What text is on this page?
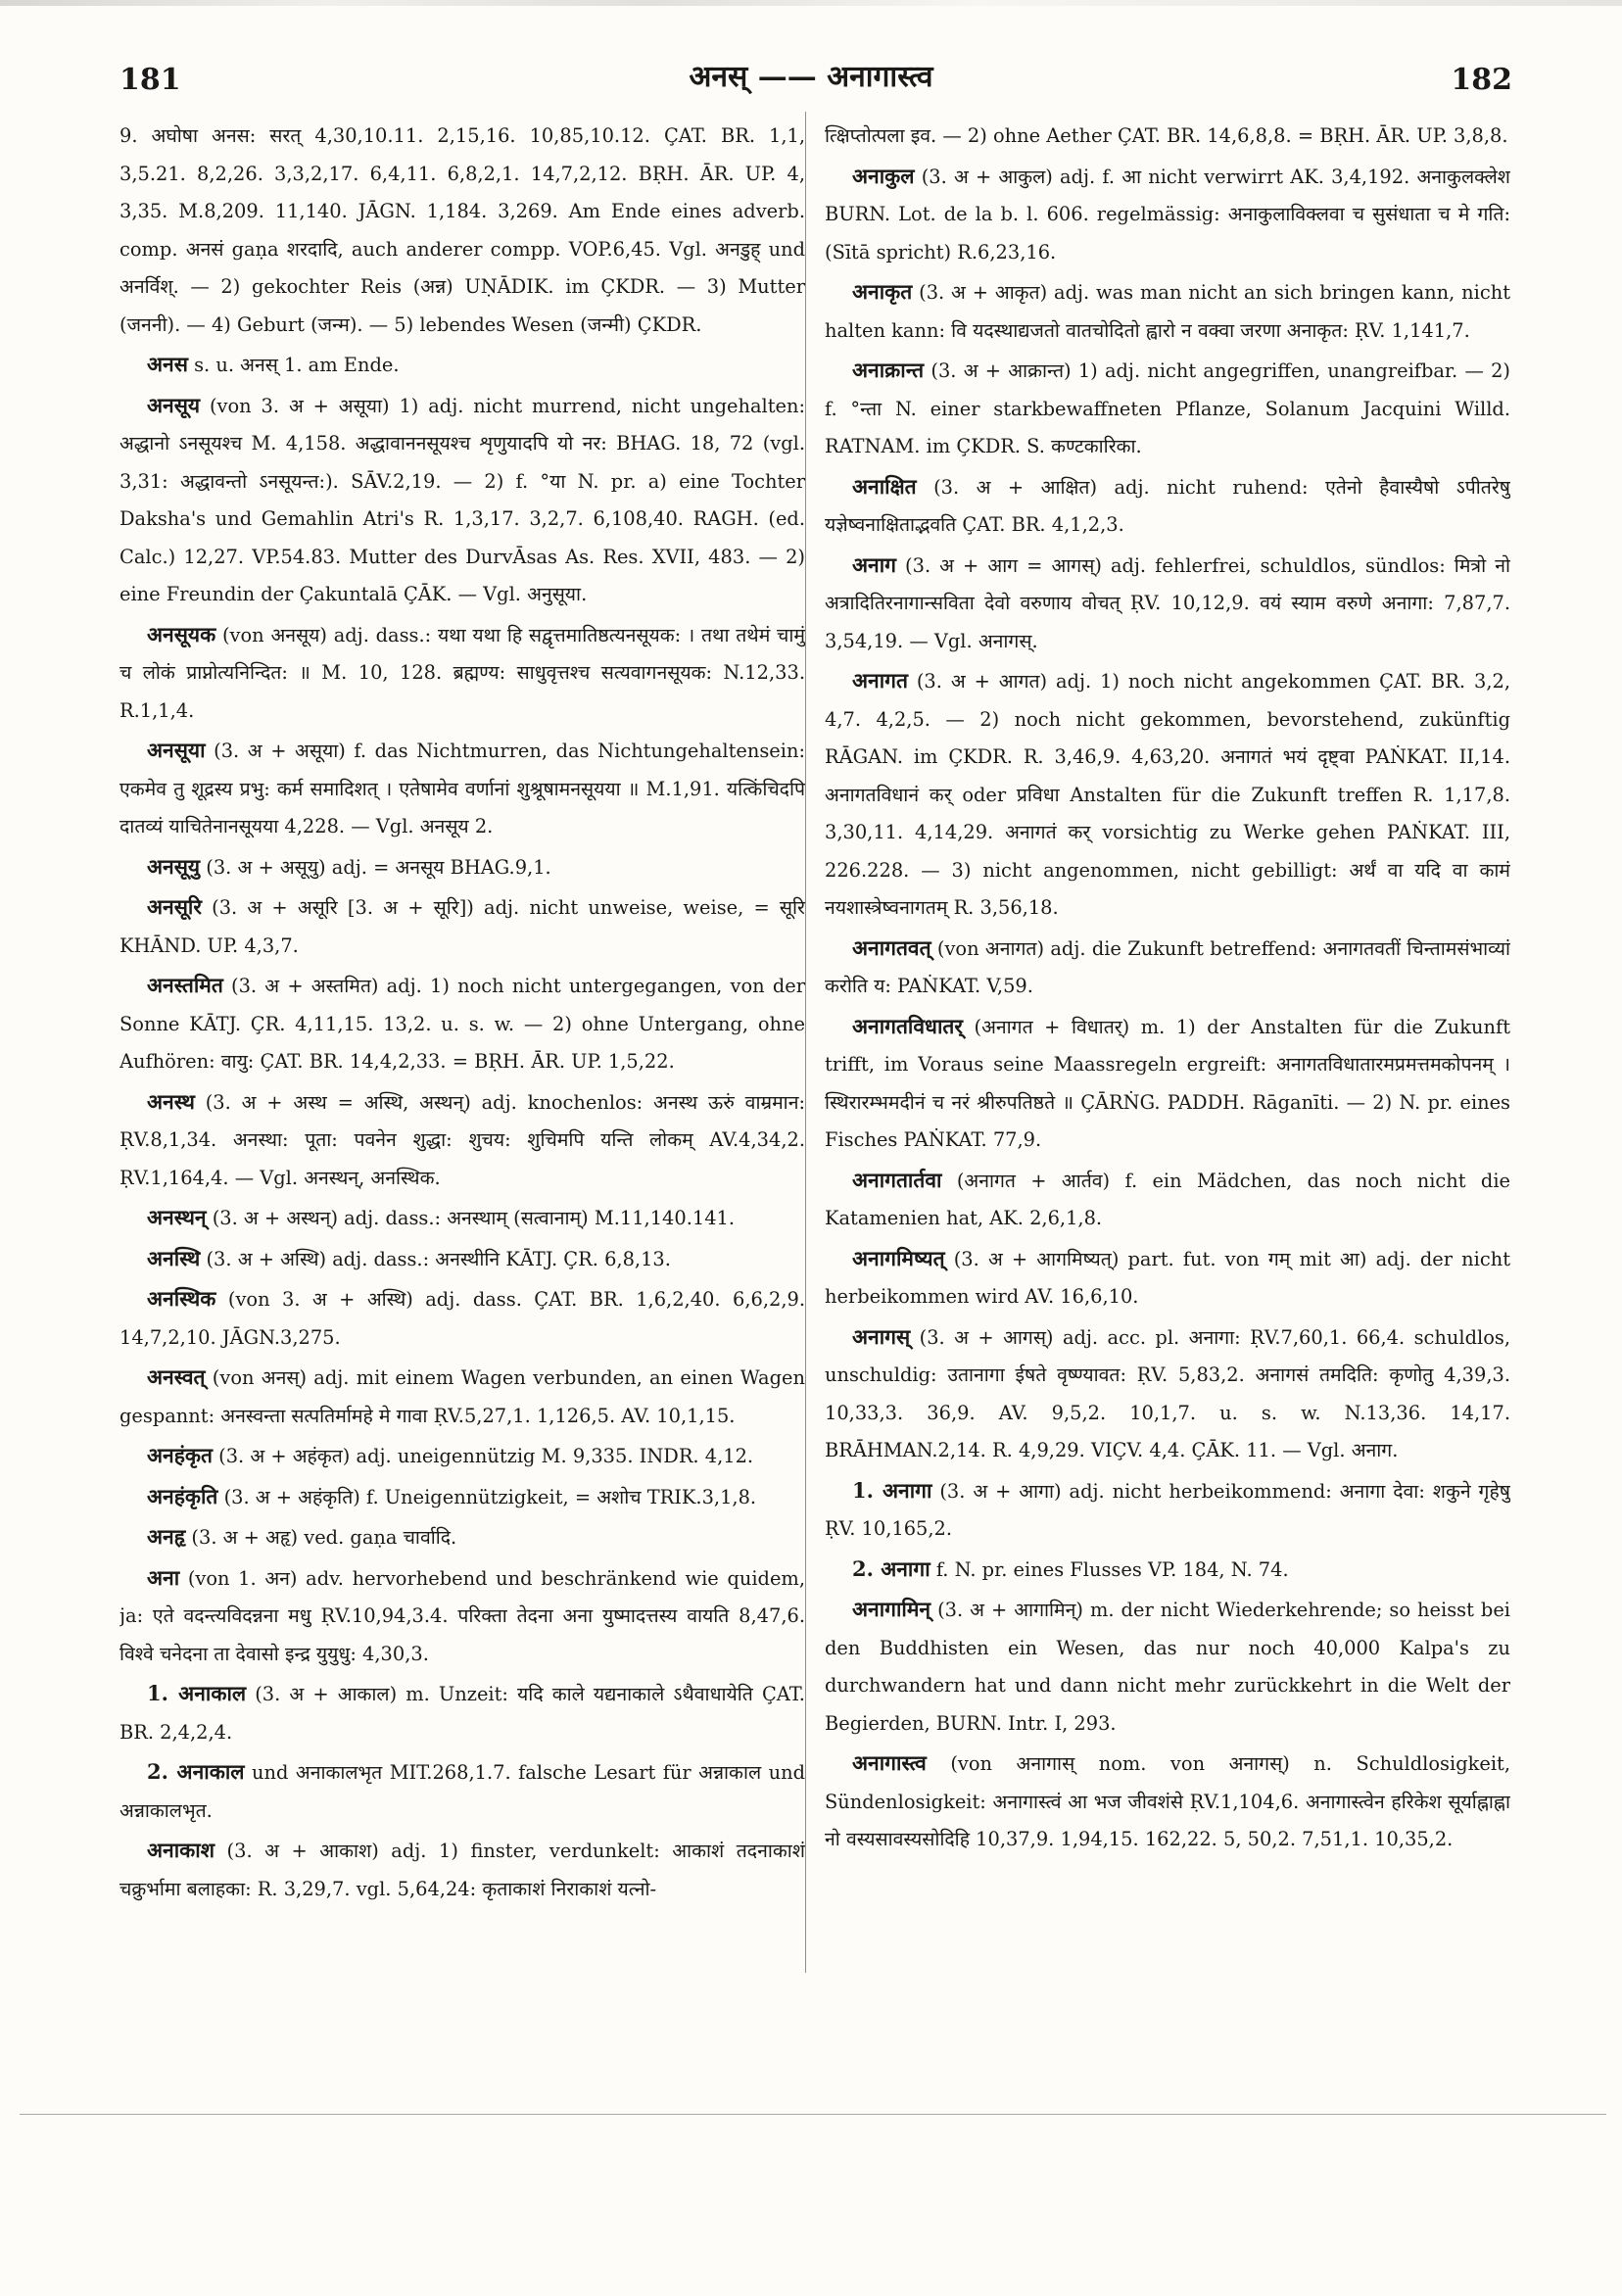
181	अनस् —— अनागास्त्व	182

9. अघोषा अनस: सरत् 4,30,10.11. 2,15,16. 10,85,10.12. ÇAT. BR. 1,1, 3,5.21. 8,2,26. 3,3,2,17. 6,4,11. 6,8,2,1. 14,7,2,12. BṚH. ĀR. UP. 4, 3,35. M.8,209. 11,140. JĀGN. 1,184. 3,269. Am Ende eines adverb. comp. अनसं gaṇa शरदादि, auch anderer compp. VOP.6,45. Vgl. अनडुह् und अनर्विश्. — 2) gekochter Reis (अन्न) UṆĀDIK. im ÇKDR. — 3) Mutter (जननी). — 4) Geburt (जन्म). — 5) lebendes Wesen (जन्मी) ÇKDR.

अनस s. u. अनस् 1. am Ende.

अनसूय (von 3. अ + असूया) 1) adj. nicht murrend, nicht ungehalten: अद्धानो ऽनसूयश्च M. 4,158. अद्धावाननसूयश्च शृणुयादपि यो नर: BHAG. 18, 72 (vgl. 3,31: अद्धावन्तो ऽनसूयन्त:). SĀV.2,19. — 2) f. °या N. pr. a) eine Tochter Daksha's und Gemahlin Atri's R. 1,3,17. 3,2,7. 6,108,40. RAGH. (ed. Calc.) 12,27. VP.54.83. Mutter des DurvĀsas As. Res. XVII, 483. — 2) eine Freundin der Çakuntalā ÇĀK. — Vgl. अनुसूया.

अनसूयक (von अनसूय) adj. dass.: यथा यथा हि सद्वृत्तमातिष्ठत्यनसूयक: । तथा तथेमं चामुं च लोकं प्राप्नोत्यनिन्दित: ॥ M. 10, 128. ब्रह्मण्य: साधुवृत्तश्च सत्यवागनसूयक: N.12,33. R.1,1,4.

अनसूया (3. अ + असूया) f. das Nichtmurren, das Nichtungehaltensein: एकमेव तु शूद्रस्य प्रभु: कर्म समादिशत् । एतेषामेव वर्णानां शुश्रूषामनसूयया ॥ M.1,91. यत्किंचिदपि दातव्यं याचितेनानसूयया 4,228. — Vgl. अनसूय 2.

अनसूयु (3. अ + असूयु) adj. = अनसूय BHAG.9,1.

अनसूरि (3. अ + असूरि [3. अ + सूरि]) adj. nicht unweise, weise, = सूरि KHĀND. UP. 4,3,7.

अनस्तमित (3. अ + अस्तमित) adj. 1) noch nicht untergegangen, von der Sonne KĀTJ. ÇR. 4,11,15. 13,2. u. s. w. — 2) ohne Untergang, ohne Aufhören: वायु: ÇAT. BR. 14,4,2,33. = BṚH. ĀR. UP. 1,5,22.

अनस्थ (3. अ + अस्थ = अस्थि, अस्थन्) adj. knochenlos: अनस्थ ऊरुं वाम्रमान: ṚV.8,1,34. अनस्था: पूता: पवनेन शुद्धा: शुचय: शुचिमपि यन्ति लोकम् AV.4,34,2. ṚV.1,164,4. — Vgl. अनस्थन्, अनस्थिक.

अनस्थन् (3. अ + अस्थन्) adj. dass.: अनस्थाम् (सत्वानाम्) M.11,140.141.

अनस्थि (3. अ + अस्थि) adj. dass.: अनस्थीनि KĀTJ. ÇR. 6,8,13.

अनस्थिक (von 3. अ + अस्थि) adj. dass. ÇAT. BR. 1,6,2,40. 6,6,2,9. 14,7,2,10. JĀGN.3,275.

अनस्वत् (von अनस्) adj. mit einem Wagen verbunden, an einen Wagen gespannt: अनस्वन्ता सत्पतिर्मामहे मे गावा ṚV.5,27,1. 1,126,5. AV. 10,1,15.

अनहंकृत (3. अ + अहंकृत) adj. uneigennützig M. 9,335. INDR. 4,12.

अनहंकृति (3. अ + अहंकृति) f. Uneigennützigkeit, = अशोच TRIK.3,1,8.

अनहृ (3. अ + अहृ) ved. gaṇa चार्वादि.

अना (von 1. अन) adv. hervorhebend und beschränkend wie quidem, ja: एते वदन्त्यविदन्नना मधु ṚV.10,94,3.4. परिक्ता तेदना अना युष्मादत्तस्य वायति 8,47,6. विश्वे चनेदना ता देवासो इन्द्र युयुधु: 4,30,3.

1. अनाकाल (3. अ + आकाल) m. Unzeit: यदि काले यद्यनाकाले ऽथैवाधायेति ÇAT. BR. 2,4,2,4.

2. अनाकाल und अनाकालभृत MIT.268,1.7. falsche Lesart für अन्नाकाल und अन्नाकालभृत.

अनाकाश (3. अ + आकाश) adj. 1) finster, verdunkelt: आकाशं तदनाकाशं चक्रुर्भामा बलाहका: R. 3,29,7. vgl. 5,64,24: कृताकाशं निराकाशं यत्नो-

त्क्षिप्तोत्पला इव. — 2) ohne Aether ÇAT. BR. 14,6,8,8. = BṚH. ĀR. UP. 3,8,8.

अनाकुल (3. अ + आकुल) adj. f. आ nicht verwirrt AK. 3,4,192. अनाकुलक्लेश BURN. Lot. de la b. l. 606. regelmässig: अनाकुलाविक्लवा च सुसंधाता च मे गति: (Sītā spricht) R.6,23,16.

अनाकृत (3. अ + आकृत) adj. was man nicht an sich bringen kann, nicht halten kann: वि यदस्थाद्यजतो वातचोदितो ह्वारो न वक्वा जरणा अनाकृत: ṚV. 1,141,7.

अनाक्रान्त (3. अ + आक्रान्त) 1) adj. nicht angegriffen, unangreifbar. — 2) f. °न्ता N. einer starkbewaffneten Pflanze, Solanum Jacquini Willd. RATNAM. im ÇKDR. S. कण्टकारिका.

अनाक्षित (3. अ + आक्षित) adj. nicht ruhend: एतेनो हैवास्यैषो ऽपीतरेषु यज्ञेष्वनाक्षिताद्भवति ÇAT. BR. 4,1,2,3.

अनाग (3. अ + आग = आगस्) adj. fehlerfrei, schuldlos, sündlos: मित्रो नो अत्रादितिरनागान्सविता देवो वरुणाय वोचत् ṚV. 10,12,9. वयं स्याम वरुणे अनागा: 7,87,7. 3,54,19. — Vgl. अनागस्.

अनागत (3. अ + आगत) adj. 1) noch nicht angekommen ÇAT. BR. 3,2, 4,7. 4,2,5. — 2) noch nicht gekommen, bevorstehend, zukünftig RĀGAN. im ÇKDR. R. 3,46,9. 4,63,20. अनागतं भयं दृष्ट्वा PAṄKAT. II,14. अनागतविधानं कर् oder प्रविधा Anstalten für die Zukunft treffen R. 1,17,8. 3,30,11. 4,14,29. अनागतं कर् vorsichtig zu Werke gehen PAṄKAT. III, 226.228. — 3) nicht angenommen, nicht gebilligt: अर्थं वा यदि वा कामं नयशास्त्रेष्वनागतम् R. 3,56,18.

अनागतवत् (von अनागत) adj. die Zukunft betreffend: अनागतवतीं चिन्तामसंभाव्यां करोति य: PAṄKAT. V,59.

अनागतविधातर् (अनागत + विधातर्) m. 1) der Anstalten für die Zukunft trifft, im Voraus seine Maassregeln ergreift: अनागतविधातारमप्रमत्तमकोपनम् । स्थिरारम्भमदीनं च नरं श्रीरुपतिष्ठते ॥ ÇĀRṄG. PADDH. Rāganīti. — 2) N. pr. eines Fisches PAṄKAT. 77,9.

अनागतार्तवा (अनागत + आर्तव) f. ein Mädchen, das noch nicht die Katamenien hat, AK. 2,6,1,8.

अनागमिष्यत् (3. अ + आगमिष्यत्) part. fut. von गम् mit आ) adj. der nicht herbeikommen wird AV. 16,6,10.

अनागस् (3. अ + आगस्) adj. acc. pl. अनागा: ṚV.7,60,1. 66,4. schuldlos, unschuldig: उतानागा ईषते वृष्ण्यावत: ṚV. 5,83,2. अनागसं तमदिति: कृणोतु 4,39,3. 10,33,3. 36,9. AV. 9,5,2. 10,1,7. u. s. w. N.13,36. 14,17. BRĀHMAN.2,14. R. 4,9,29. VIÇV. 4,4. ÇĀK. 11. — Vgl. अनाग.

1. अनागा (3. अ + आगा) adj. nicht herbeikommend: अनागा देवा: शकुने गृहेषु ṚV. 10,165,2.

2. अनागा f. N. pr. eines Flusses VP. 184, N. 74.

अनागामिन् (3. अ + आगामिन्) m. der nicht Wiederkehrende; so heisst bei den Buddhisten ein Wesen, das nur noch 40,000 Kalpa's zu durchwandern hat und dann nicht mehr zurückkehrt in die Welt der Begierden, BURN. Intr. I, 293.

अनागास्त्व (von अनागास् nom. von अनागस्) n. Schuldlosigkeit, Sündenlosigkeit: अनागास्त्वं आ भज जीवशंसे ṚV.1,104,6. अनागास्त्वेन हरिकेश सूर्याह्नाह्ना नो वस्यसावस्यसोदिहि 10,37,9. 1,94,15. 162,22. 5, 50,2. 7,51,1. 10,35,2.
